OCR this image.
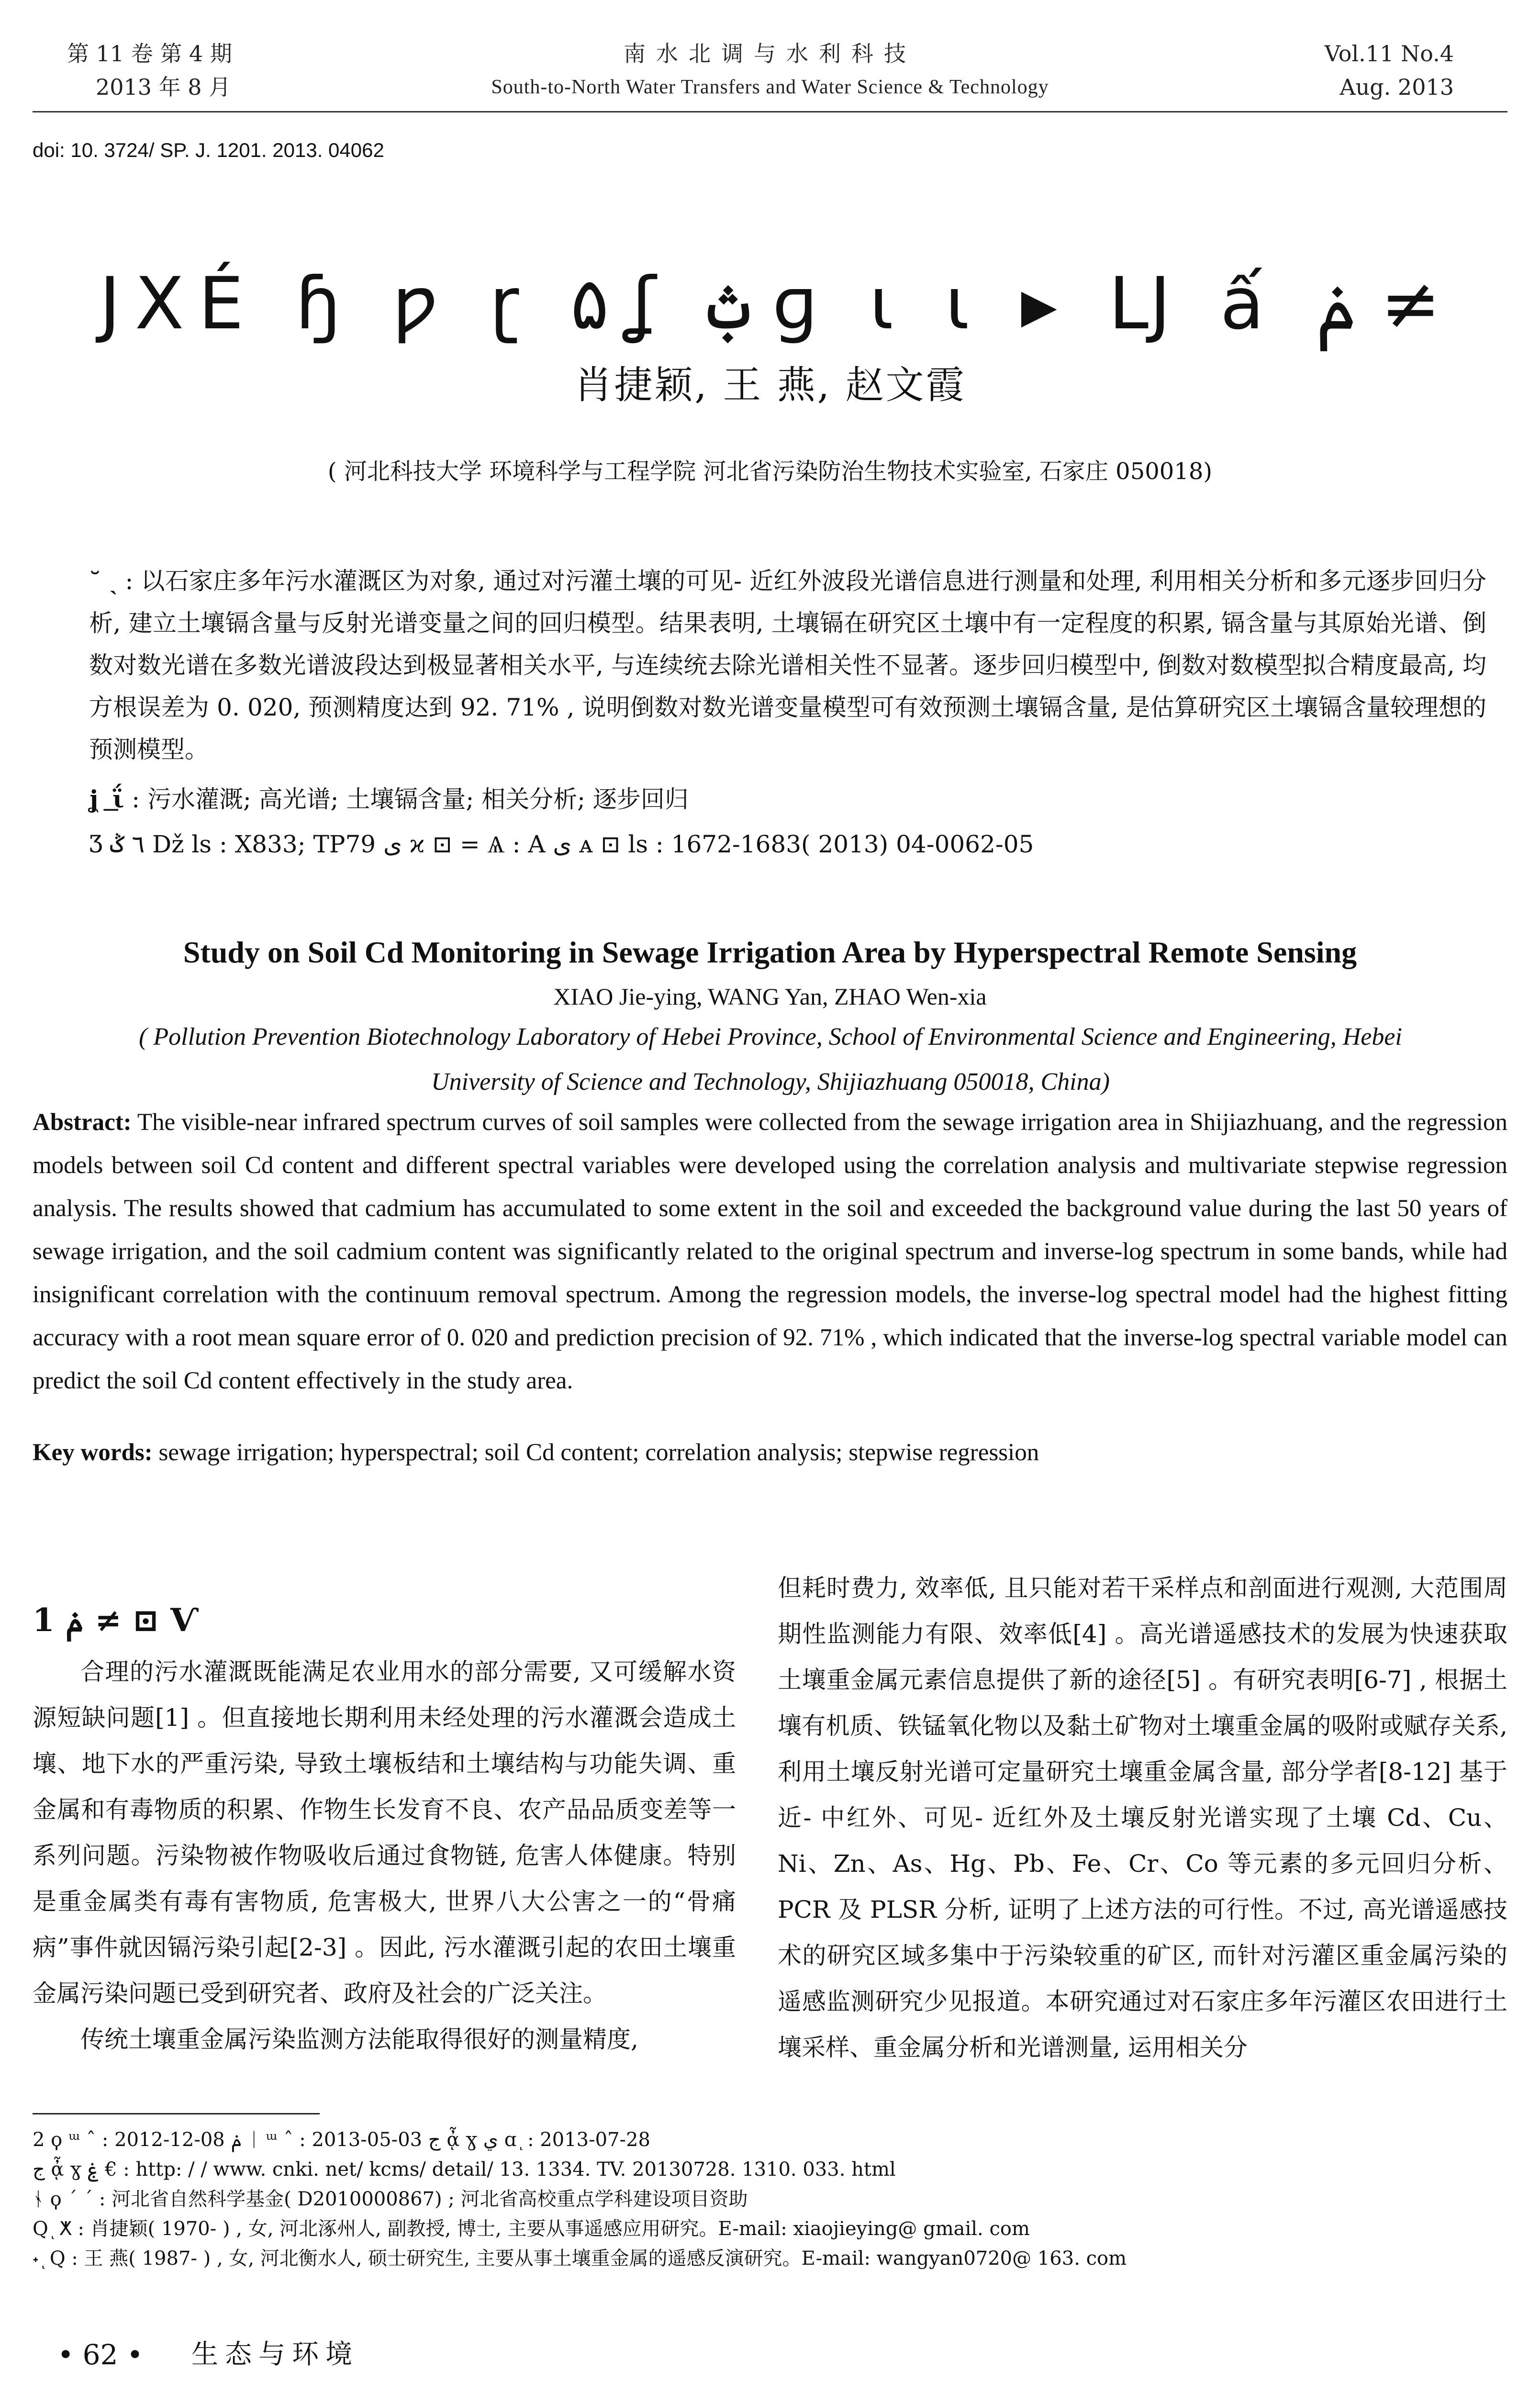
第 11 卷 第 4 期
2013 年 8 月
南水北调与水利科技
South-to-North Water Transfers and Water Science & Technology
Vol.11 No.4
Aug. 2013
doi: 10. 3724/ SP. J. 1201. 2013. 04062
ЈΧÉ ɧ ƿ ɽ ۵ ʆ ݑ ɡ ɩ ɩ ▸ Ǉ ấ ݥ ≠
肖捷颖, 王 燕, 赵文霞
( 河北科技大学 环境科学与工程学院 河北省污染防治生物技术实验室, 石家庄 050018)
˘ ˎ : 以石家庄多年污水灌溉区为对象, 通过对污灌土壤的可见- 近红外波段光谱信息进行测量和处理, 利用相关分析和多元逐步回归分析, 建立土壤镉含量与反射光谱变量之间的回归模型。结果表明, 土壤镉在研究区土壤中有一定程度的积累, 镉含量与其原始光谱、倒数对数光谱在多数光谱波段达到极显著相关水平, 与连续统去除光谱相关性不显著。逐步回归模型中, 倒数对数模型拟合精度最高, 均方根误差为 0. 020, 预测精度达到 92. 71% , 说明倒数对数光谱变量模型可有效预测土壤镉含量, 是估算研究区土壤镉含量较理想的预测模型。
ʝ ͟ ΐ : 污水灌溉; 高光谱; 土壤镉含量; 相关分析; 逐步回归
Ʒ ٦ ݣ ǅ ls : X833; TP79 ى ϰ ⊡ = Ѧ : A ى ᴀ ⊡ ls : 1672-1683( 2013) 04-0062-05
Study on Soil Cd Monitoring in Sewage Irrigation Area by Hyperspectral Remote Sensing
XIAO Jie-ying, WANG Yan, ZHAO Wen-xia
( Pollution Prevention Biotechnology Laboratory of Hebei Province, School of Environmental Science and Engineering, Hebei University of Science and Technology, Shijiazhuang 050018, China)
Abstract: The visible-near infrared spectrum curves of soil samples were collected from the sewage irrigation area in Shijiazhuang, and the regression models between soil Cd content and different spectral variables were developed using the correlation analysis and multivariate stepwise regression analysis. The results showed that cadmium has accumulated to some extent in the soil and exceeded the background value during the last 50 years of sewage irrigation, and the soil cadmium content was significantly related to the original spectrum and inverse-log spectrum in some bands, while had insignificant correlation with the continuum removal spectrum. Among the regression models, the inverse-log spectral model had the highest fitting accuracy with a root mean square error of 0. 020 and prediction precision of 92. 71% , which indicated that the inverse-log spectral variable model can predict the soil Cd content effectively in the study area.
Key words: sewage irrigation; hyperspectral; soil Cd content; correlation analysis; stepwise regression
1 ݥ ≠ ⊡ Ѵ

合理的污水灌溉既能满足农业用水的部分需要, 又可缓解水资源短缺问题[1] 。但直接地长期利用未经处理的污水灌溉会造成土壤、地下水的严重污染, 导致土壤板结和土壤结构与功能失调、重金属和有毒物质的积累、作物生长发育不良、农产品品质变差等一系列问题。污染物被作物吸收后通过食物链, 危害人体健康。特别是重金属类有毒有害物质, 危害极大, 世界八大公害之一的“骨痛病”事件就因镉污染引起[2-3] 。因此, 污水灌溉引起的农田土壤重金属污染问题已受到研究者、政府及社会的广泛关注。

传统土壤重金属污染监测方法能取得很好的测量精度,

但耗时费力, 效率低, 且只能对若干采样点和剖面进行观测, 大范围周期性监测能力有限、效率低[4] 。高光谱遥感技术的发展为快速获取土壤重金属元素信息提供了新的途径[5] 。有研究表明[6-7] , 根据土壤有机质、铁锰氧化物以及黏土矿物对土壤重金属的吸附或赋存关系, 利用土壤反射光谱可定量研究土壤重金属含量, 部分学者[8-12] 基于近- 中红外、可见- 近红外及土壤反射光谱实现了土壤 Cd、Cu、Ni、Zn、As、Hg、Pb、Fe、Cr、Co 等元素的多元回归分析、PCR 及 PLSR 分析, 证明了上述方法的可行性。不过, 高光谱遥感技术的研究区域多集中于污染较重的矿区, 而针对污灌区重金属污染的遥感监测研究少见报道。本研究通过对石家庄多年污灌区农田进行土壤采样、重金属分析和光谱测量, 运用相关分

2 ϙ ᵚ ˆ : 2012-12-08 ݥ ᛁ ᵚ ˆ : 2013-05-03 ج ᾆ ɣ ي ɑ ͅ : 2013-07-28
ج ᾆ ɣ ۼ € : http: / / www. cnki. net/ kcms/ detail/ 13. 1334. TV. 20130728. 1310. 033. html
ᛀ ϙ ´ ˊ : 河北省自然科学基金( D2010000867) ; 河北省高校重点学科建设项目资助
Q ͅ ⵅ : 肖捷颖( 1970- ) , 女, 河北涿州人, 副教授, 博士, 主要从事遥感应用研究。E-mail: xiaojieying@ gmail. com
˖ ͅ Q : 王 燕( 1987- ) , 女, 河北衡水人, 硕士研究生, 主要从事土壤重金属的遥感反演研究。E-mail: wangyan0720@ 163. com
• 62 • 生态与环境
